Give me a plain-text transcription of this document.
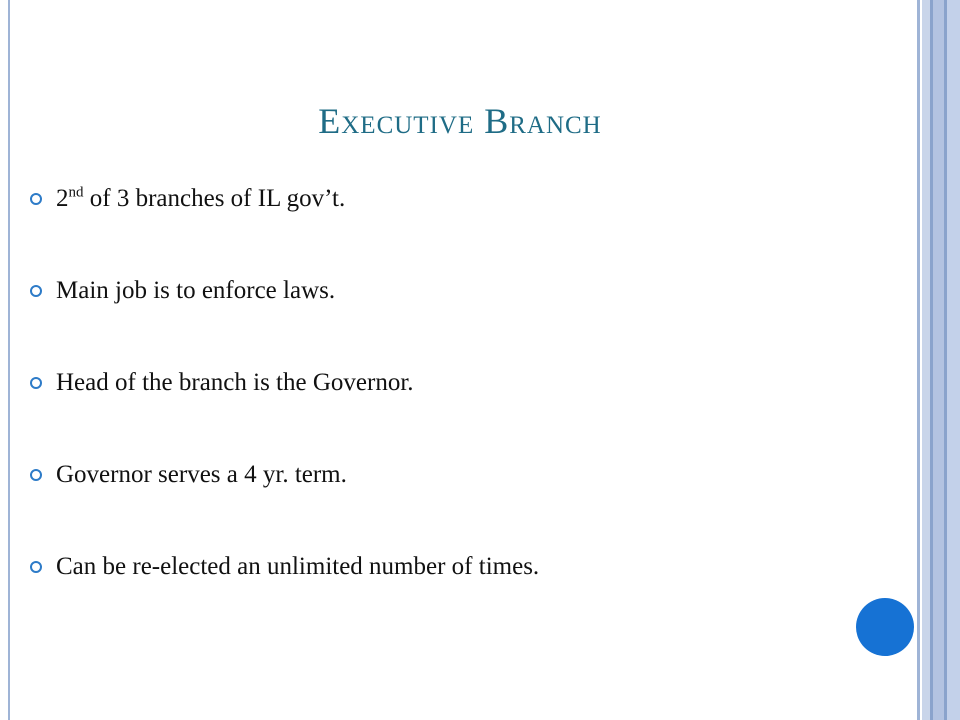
Executive Branch
2nd of 3 branches of IL gov’t.
Main job is to enforce laws.
Head of the branch is the Governor.
Governor serves a 4 yr. term.
Can be re-elected an unlimited number of times.
